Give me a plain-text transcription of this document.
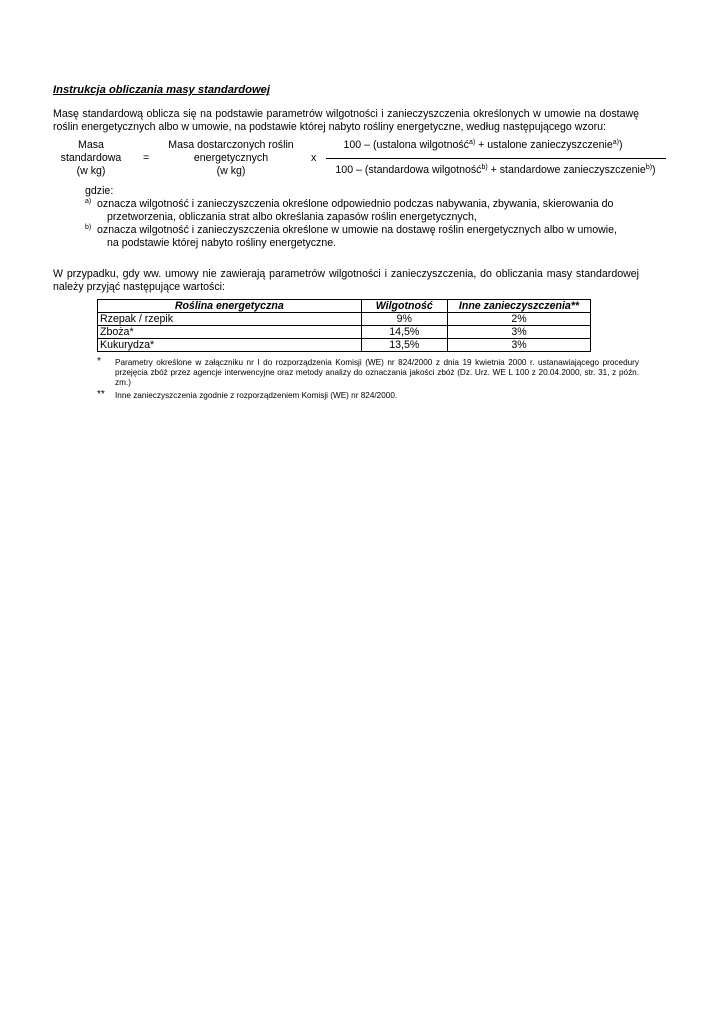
Instrukcja obliczania masy standardowej

Masę standardową oblicza się na podstawie parametrów wilgotności i zanieczyszczenia określonych w umowie na dostawę roślin energetycznych albo w umowie, na podstawie której nabyto rośliny energetyczne, według następującego wzoru:

Masa
standardowa
(w kg)
=
Masa dostarczonych roślin
energetycznych
(w kg)
x
100 – (ustalona wilgotność$^{a)}$ + ustalone zanieczyszczenie$^{a)}$)
100 – (standardowa wilgotność$^{b)}$ + standardowe zanieczyszczenie$^{b)}$)
gdzie:
a) oznacza wilgotność i zanieczyszczenia określone odpowiednio podczas nabywania, zbywania, skierowania do
przetworzenia, obliczania strat albo określania zapasów roślin energetycznych,
b) oznacza wilgotność i zanieczyszczenia określone w umowie na dostawę roślin energetycznych albo w umowie,
na podstawie której nabyto rośliny energetyczne.

W przypadku, gdy ww. umowy nie zawierają parametrów wilgotności i zanieczyszczenia, do obliczania masy standardowej należy przyjąć następujące wartości:

Roślina energetyczna	Wilgotność	Inne zanieczyszczenia**
Rzepak / rzepik	9%	2%
Zboża*	14,5%	3%
Kukurydza*	13,5%	3%
* Parametry określone w załączniku nr I do rozporządzenia Komisji (WE) nr 824/2000 z dnia 19 kwietnia 2000 r. ustanawiającego procedury przejęcia zbóż przez agencje interwencyjne oraz metody analizy do oznaczania jakości zbóż (Dz. Urz. WE L 100 z 20.04.2000, str. 31, z późn. zm.)
** Inne zanieczyszczenia zgodnie z rozporządzeniem Komisji (WE) nr 824/2000.
